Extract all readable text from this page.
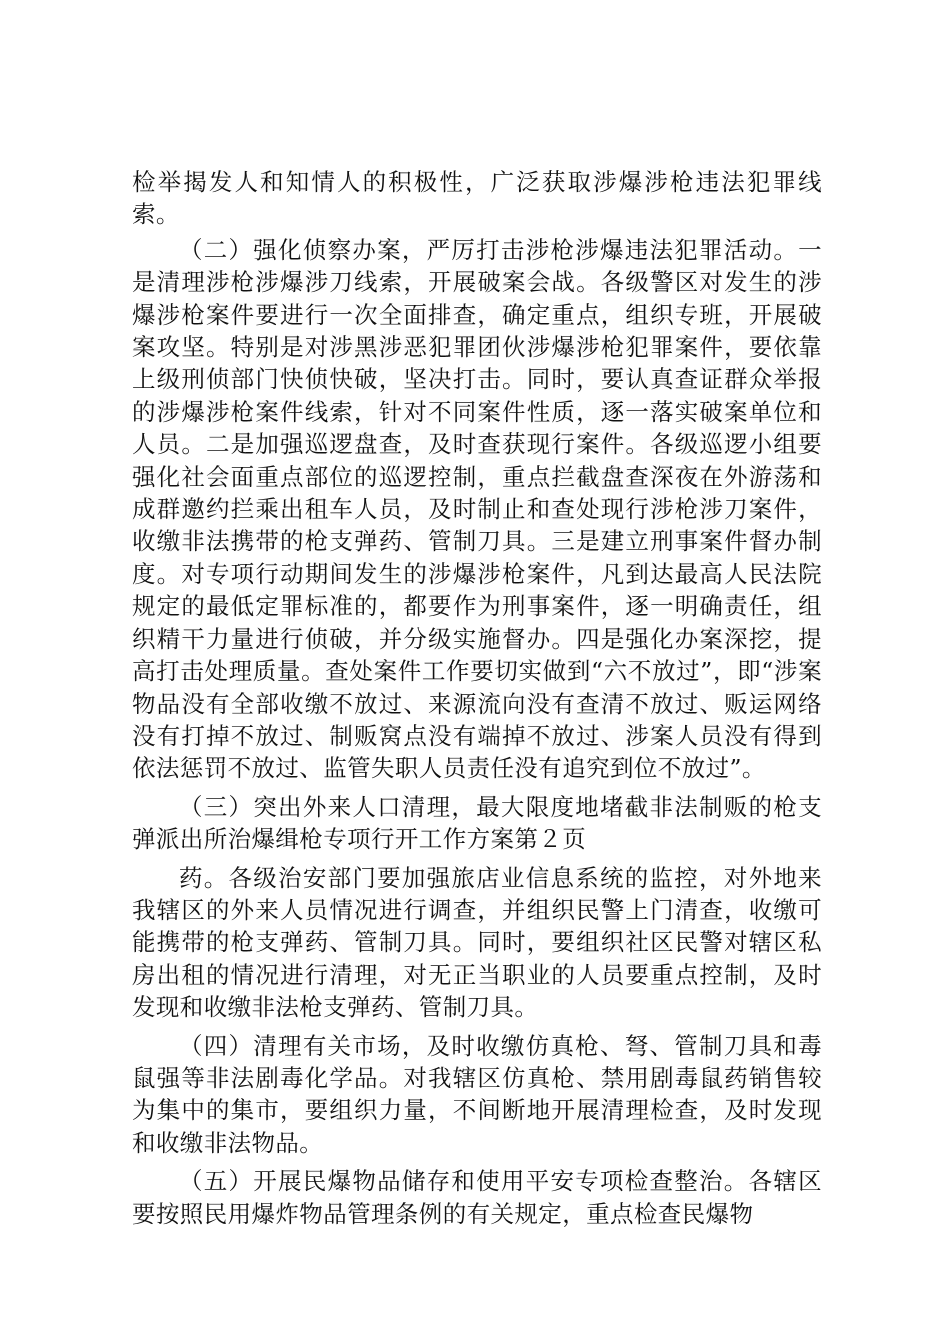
检举揭发人和知情人的积极性，广泛获取涉爆涉枪违法犯罪线索。

（二）强化侦察办案，严厉打击涉枪涉爆违法犯罪活动。一是清理涉枪涉爆涉刀线索，开展破案会战。各级警区对发生的涉爆涉枪案件要进行一次全面排查，确定重点，组织专班，开展破案攻坚。特别是对涉黑涉恶犯罪团伙涉爆涉枪犯罪案件，要依靠上级刑侦部门快侦快破，坚决打击。同时，要认真查证群众举报的涉爆涉枪案件线索，针对不同案件性质，逐一落实破案单位和人员。二是加强巡逻盘查，及时查获现行案件。各级巡逻小组要强化社会面重点部位的巡逻控制，重点拦截盘查深夜在外游荡和成群邀约拦乘出租车人员，及时制止和查处现行涉枪涉刀案件，收缴非法携带的枪支弹药、管制刀具。三是建立刑事案件督办制度。对专项行动期间发生的涉爆涉枪案件，凡到达最高人民法院规定的最低定罪标准的，都要作为刑事案件，逐一明确责任，组织精干力量进行侦破，并分级实施督办。四是强化办案深挖，提高打击处理质量。查处案件工作要切实做到“六不放过”，即“涉案物品没有全部收缴不放过、来源流向没有查清不放过、贩运网络没有打掉不放过、制贩窝点没有端掉不放过、涉案人员没有得到依法惩罚不放过、监管失职人员责任没有追究到位不放过”。

（三）突出外来人口清理，最大限度地堵截非法制贩的枪支弹派出所治爆缉枪专项行开工作方案第２页

药。各级治安部门要加强旅店业信息系统的监控，对外地来我辖区的外来人员情况进行调查，并组织民警上门清查，收缴可能携带的枪支弹药、管制刀具。同时，要组织社区民警对辖区私房出租的情况进行清理，对无正当职业的人员要重点控制，及时发现和收缴非法枪支弹药、管制刀具。

（四）清理有关市场，及时收缴仿真枪、弩、管制刀具和毒鼠强等非法剧毒化学品。对我辖区仿真枪、禁用剧毒鼠药销售较为集中的集市，要组织力量，不间断地开展清理检查，及时发现和收缴非法物品。

（五）开展民爆物品储存和使用平安专项检查整治。各辖区要按照民用爆炸物品管理条例的有关规定，重点检查民爆物
